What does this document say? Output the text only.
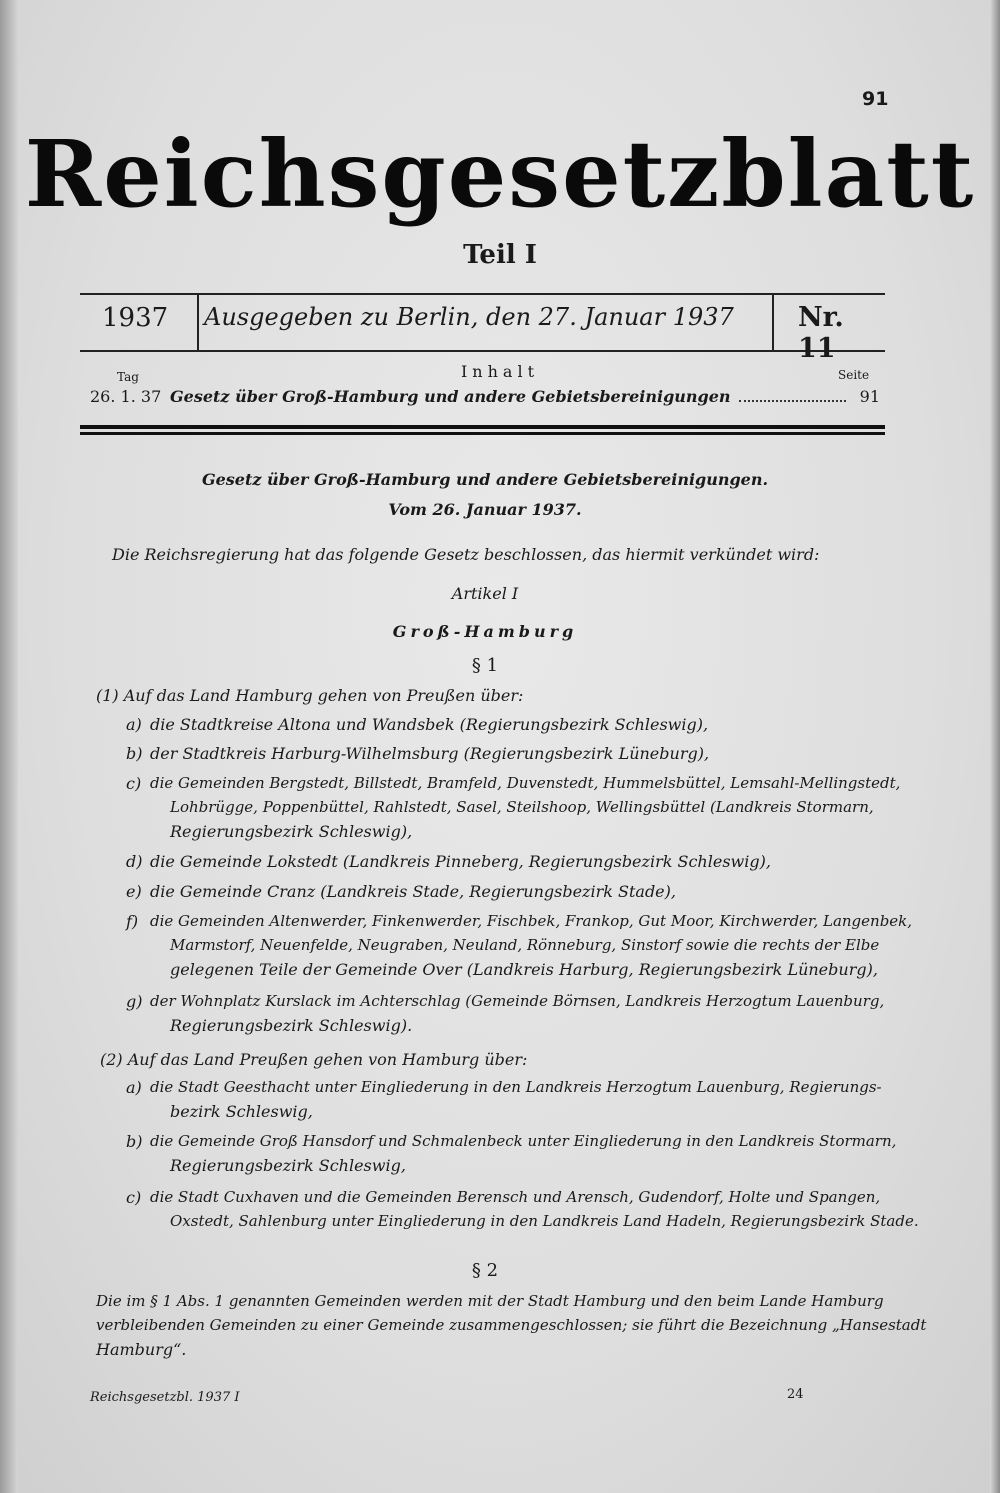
91
Reichsgesetzblatt
Teil I
1937 Ausgegeben zu Berlin, den 27. Januar 1937 Nr. 11
Tag	Inhalt	Seite
26. 1. 37 Gesetz über Groß-Hamburg und andere Gebietsbereinigungen	91
Gesetz über Groß-Hamburg und andere Gebietsbereinigungen.
Vom 26. Januar 1937.
Die Reichsregierung hat das folgende Gesetz beschlossen, das hiermit verkündet wird:
Artikel I
Groß-Hamburg
§ 1
(1) Auf das Land Hamburg gehen von Preußen über:
a) die Stadtkreise Altona und Wandsbek (Regierungsbezirk Schleswig),
b) der Stadtkreis Harburg-Wilhelmsburg (Regierungsbezirk Lüneburg),
c) die Gemeinden Bergstedt, Billstedt, Bramfeld, Duvenstedt, Hummelsbüttel, Lemsahl-Mellingstedt,
Lohbrügge, Poppenbüttel, Rahlstedt, Sasel, Steilshoop, Wellingsbüttel (Landkreis Stormarn,
Regierungsbezirk Schleswig),
d) die Gemeinde Lokstedt (Landkreis Pinneberg, Regierungsbezirk Schleswig),
e) die Gemeinde Cranz (Landkreis Stade, Regierungsbezirk Stade),
f) die Gemeinden Altenwerder, Finkenwerder, Fischbek, Frankop, Gut Moor, Kirchwerder, Langenbek,
Marmstorf, Neuenfelde, Neugraben, Neuland, Rönneburg, Sinstorf sowie die rechts der Elbe
gelegenen Teile der Gemeinde Over (Landkreis Harburg, Regierungsbezirk Lüneburg),
g) der Wohnplatz Kurslack im Achterschlag (Gemeinde Börnsen, Landkreis Herzogtum Lauenburg,
Regierungsbezirk Schleswig).
(2) Auf das Land Preußen gehen von Hamburg über:
a) die Stadt Geesthacht unter Eingliederung in den Landkreis Herzogtum Lauenburg, Regierungs-
bezirk Schleswig,
b) die Gemeinde Groß Hansdorf und Schmalenbeck unter Eingliederung in den Landkreis Stormarn,
Regierungsbezirk Schleswig,
c) die Stadt Cuxhaven und die Gemeinden Berensch und Arensch, Gudendorf, Holte und Spangen,
Oxstedt, Sahlenburg unter Eingliederung in den Landkreis Land Hadeln, Regierungsbezirk Stade.
§ 2
Die im § 1 Abs. 1 genannten Gemeinden werden mit der Stadt Hamburg und den beim Lande Hamburg
verbleibenden Gemeinden zu einer Gemeinde zusammengeschlossen; sie führt die Bezeichnung „Hansestadt
Hamburg“.
Reichsgesetzbl. 1937 I	24
